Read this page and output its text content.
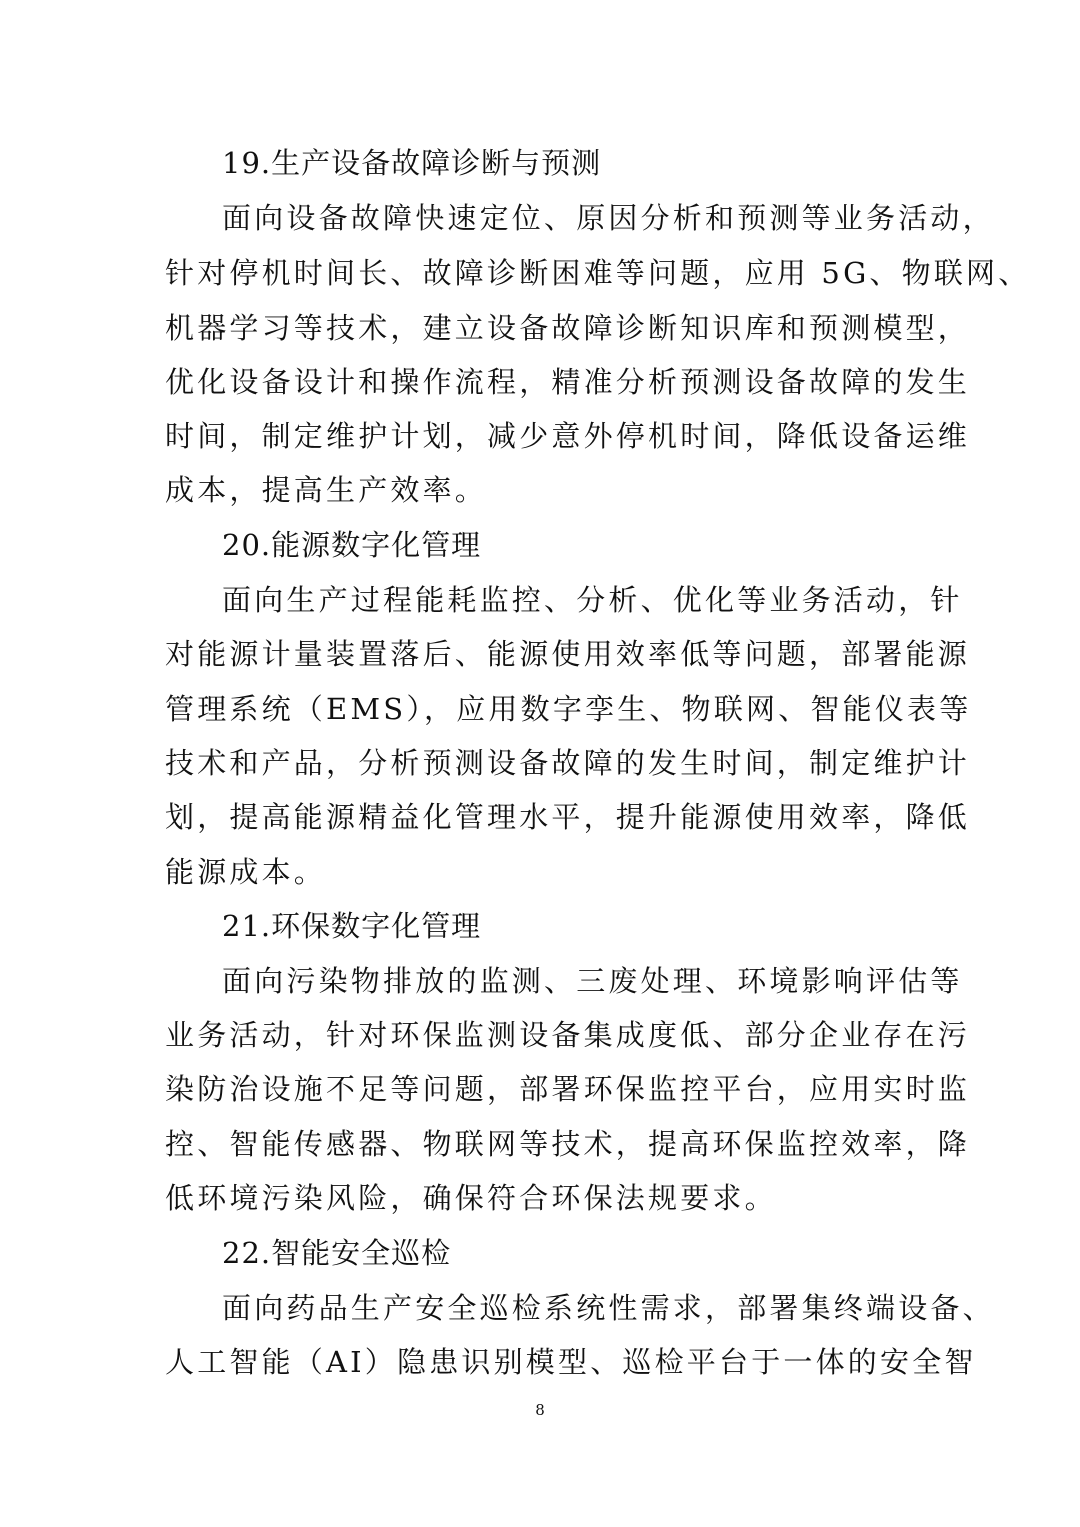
19.生产设备故障诊断与预测
面向设备故障快速定位、原因分析和预测等业务活动，
针对停机时间长、故障诊断困难等问题，应用 5G、物联网、
机器学习等技术，建立设备故障诊断知识库和预测模型，
优化设备设计和操作流程，精准分析预测设备故障的发生
时间，制定维护计划，减少意外停机时间，降低设备运维
成本，提高生产效率。
20.能源数字化管理
面向生产过程能耗监控、分析、优化等业务活动，针
对能源计量装置落后、能源使用效率低等问题，部署能源
管理系统（EMS），应用数字孪生、物联网、智能仪表等
技术和产品，分析预测设备故障的发生时间，制定维护计
划，提高能源精益化管理水平，提升能源使用效率，降低
能源成本。
21.环保数字化管理
面向污染物排放的监测、三废处理、环境影响评估等
业务活动，针对环保监测设备集成度低、部分企业存在污
染防治设施不足等问题，部署环保监控平台，应用实时监
控、智能传感器、物联网等技术，提高环保监控效率，降
低环境污染风险，确保符合环保法规要求。
22.智能安全巡检
面向药品生产安全巡检系统性需求，部署集终端设备、
人工智能（AI）隐患识别模型、巡检平台于一体的安全智
8
